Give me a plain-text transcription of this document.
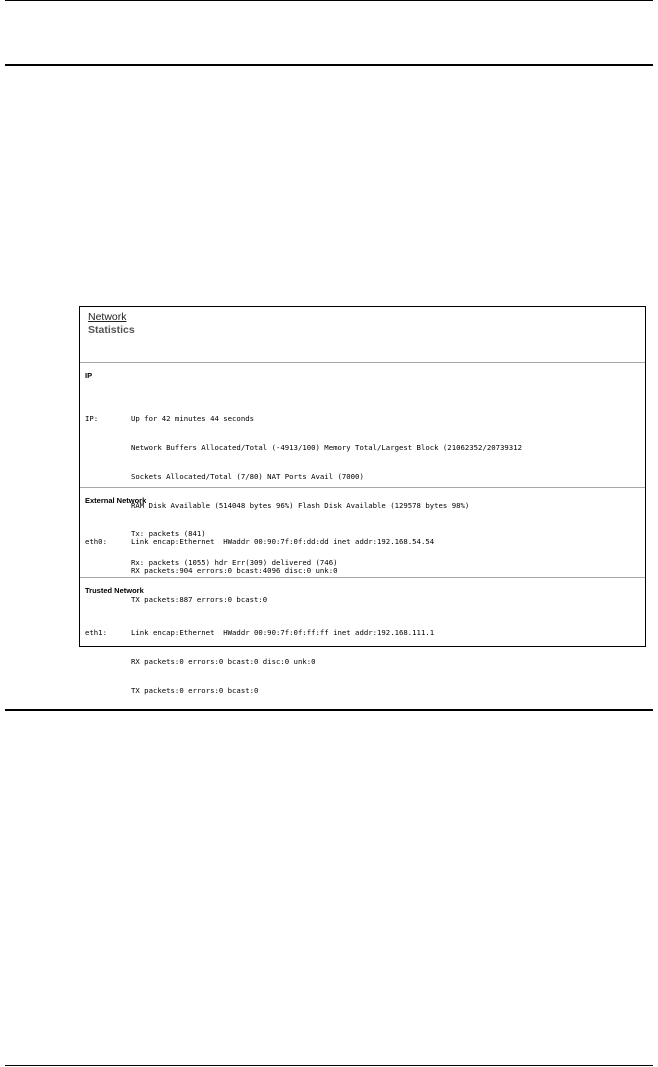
Network
Statistics
IP

IP:	Up for 42 minutes 44 seconds

Network Buffers Allocated/Total (-4913/100) Memory Total/Largest Block (21062352/20739312

Sockets Allocated/Total (7/80) NAT Ports Avail (7000)

RAM Disk Available (514048 bytes 96%) Flash Disk Available (129578 bytes 98%)

Tx: packets (841)

Rx: packets (1055) hdr Err(309) delivered (746)

External Network

eth0:	Link encap:Ethernet  HWaddr 00:90:7f:0f:dd:dd inet addr:192.168.54.54

RX packets:904 errors:0 bcast:4096 disc:0 unk:0

TX packets:887 errors:0 bcast:0

Trusted Network

eth1:	Link encap:Ethernet  HWaddr 00:90:7f:0f:ff:ff inet addr:192.168.111.1

RX packets:0 errors:0 bcast:0 disc:0 unk:0

TX packets:0 errors:0 bcast:0
